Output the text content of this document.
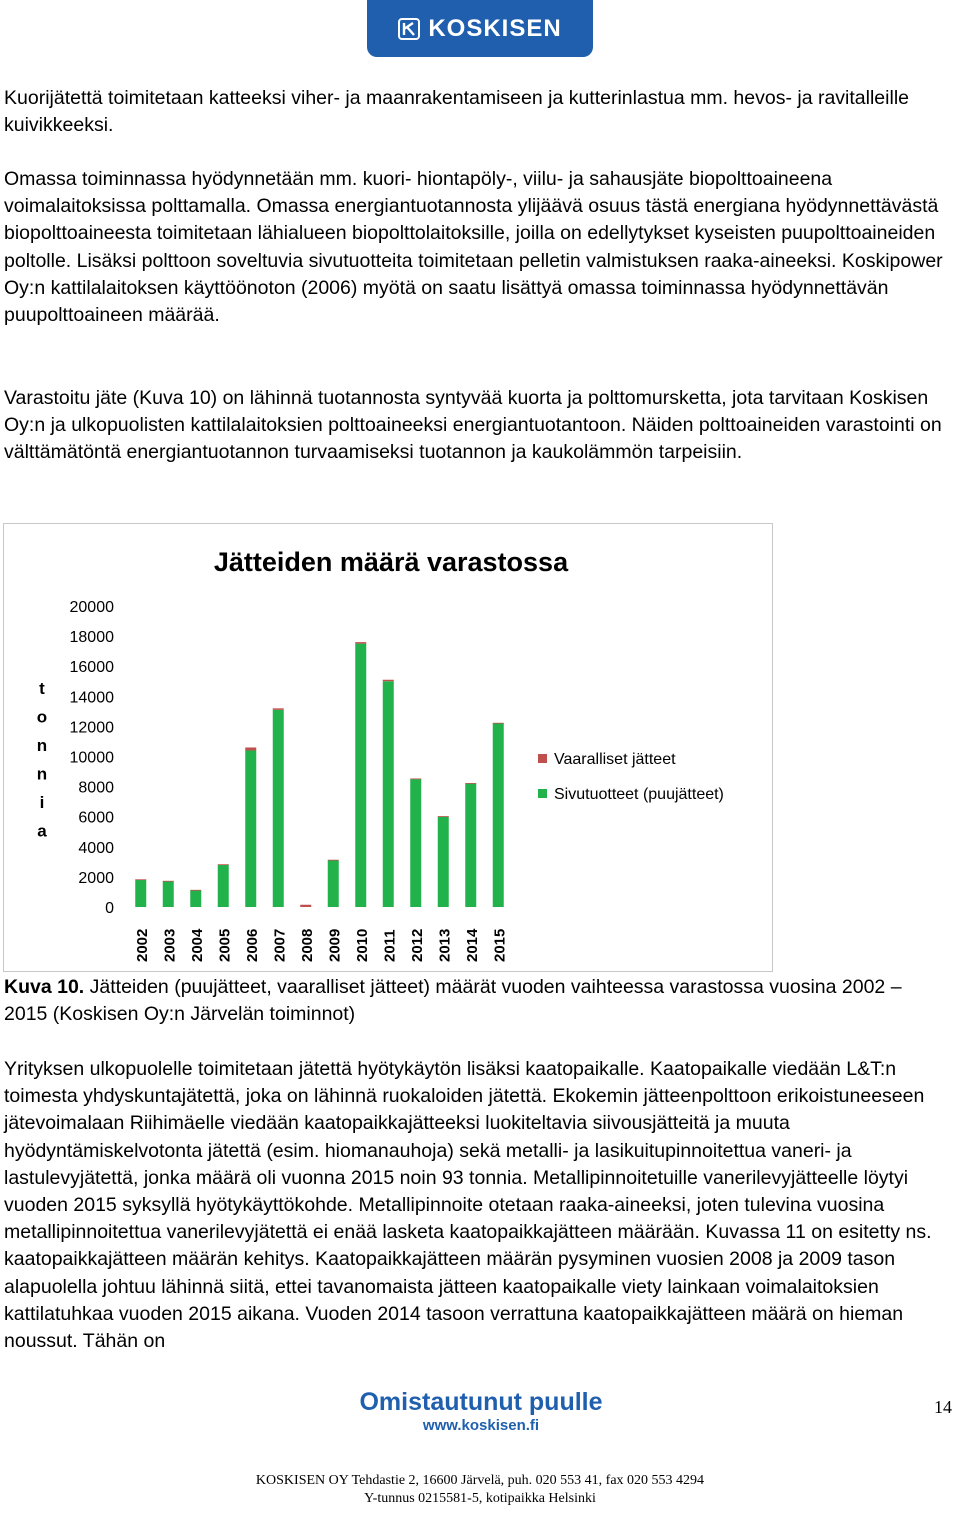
KOSKISEN

Kuorijätettä toimitetaan katteeksi viher- ja maanrakentamiseen ja kutterinlastua mm. hevos- ja ravitalleille kuivikkeeksi.

Omassa toiminnassa hyödynnetään mm. kuori- hiontapöly-, viilu- ja sahausjäte biopolttoaineena voimalaitoksissa polttamalla. Omassa energiantuotannosta ylijäävä osuus tästä energiana hyödynnettävästä biopolttoaineesta toimitetaan lähialueen biopolttolaitoksille, joilla on edellytykset kyseisten puupolttoaineiden poltolle. Lisäksi polttoon soveltuvia sivutuotteita toimitetaan pelletin valmistuksen raaka-aineeksi. Koskipower Oy:n kattilalaitoksen käyttöönoton (2006) myötä on saatu lisättyä omassa toiminnassa hyödynnettävän puupolttoaineen määrää.

Varastoitu jäte (Kuva 10) on lähinnä tuotannosta syntyvää kuorta ja polttomursketta, jota tarvitaan Koskisen Oy:n ja ulkopuolisten kattilalaitoksien polttoaineeksi energiantuotantoon. Näiden polttoaineiden varastointi on välttämätöntä energiantuotannon turvaamiseksi tuotannon ja kaukolämmön tarpeisiin.

Jätteiden määrä varastossa
t
o
n
n
i
a
0
2000
4000
6000
8000
10000
12000
14000
16000
18000
20000
2002 2003 2004 2005 2006 2007 2008 2009 2010 2011 2012 2013 2014 2015
Vaaralliset jätteet
Sivutuotteet (puujätteet)

Kuva 10. Jätteiden (puujätteet, vaaralliset jätteet) määrät vuoden vaihteessa varastossa vuosina 2002 – 2015 (Koskisen Oy:n Järvelän toiminnot)

Yrityksen ulkopuolelle toimitetaan jätettä hyötykäytön lisäksi kaatopaikalle. Kaatopaikalle viedään L&T:n toimesta yhdyskuntajätettä, joka on lähinnä ruokaloiden jätettä. Ekokemin jätteenpolttoon erikoistuneeseen jätevoimalaan Riihimäelle viedään kaatopaikkajätteeksi luokiteltavia siivousjätteitä ja muuta hyödyntämiskelvotonta jätettä (esim. hiomanauhoja) sekä metalli- ja lasikuitupinnoitettua vaneri- ja lastulevyjätettä, jonka määrä oli vuonna 2015 noin 93 tonnia. Metallipinnoitetuille vanerilevyjätteelle löytyi vuoden 2015 syksyllä hyötykäyttökohde. Metallipinnoite otetaan raaka-aineeksi, joten tulevina vuosina metallipinnoitettua vanerilevyjätettä ei enää lasketa kaatopaikkajätteen määrään. Kuvassa 11 on esitetty ns. kaatopaikkajätteen määrän kehitys. Kaatopaikkajätteen määrän pysyminen vuosien 2008 ja 2009 tason alapuolella johtuu lähinnä siitä, ettei tavanomaista jätteen kaatopaikalle viety lainkaan voimalaitoksien kattilatuhkaa vuoden 2015 aikana. Vuoden 2014 tasoon verrattuna kaatopaikkajätteen määrä on hieman noussut. Tähän on

Omistautunut puulle
www.koskisen.fi
14
KOSKISEN OY Tehdastie 2, 16600 Järvelä, puh. 020 553 41, fax 020 553 4294
Y-tunnus 0215581-5, kotipaikka Helsinki
